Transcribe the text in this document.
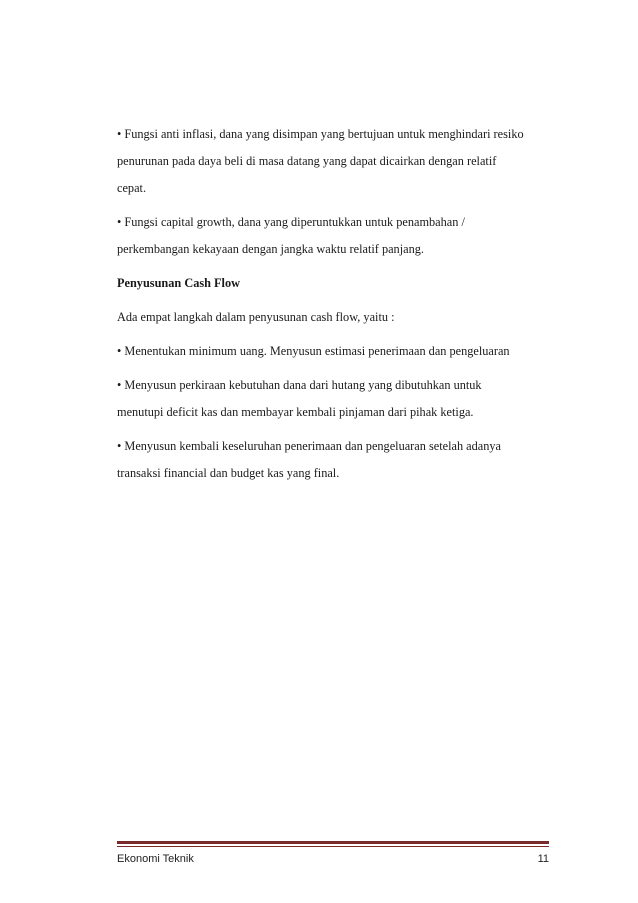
• Fungsi anti inflasi, dana yang disimpan yang bertujuan untuk menghindari resiko
penurunan pada daya beli di masa datang yang dapat dicairkan dengan relatif
cepat.

• Fungsi capital growth, dana yang diperuntukkan untuk penambahan /
perkembangan kekayaan dengan jangka waktu relatif panjang.

Penyusunan Cash Flow

Ada empat langkah dalam penyusunan cash flow, yaitu :

• Menentukan minimum uang. Menyusun estimasi penerimaan dan pengeluaran

• Menyusun perkiraan kebutuhan dana dari hutang yang dibutuhkan untuk
menutupi deficit kas dan membayar kembali pinjaman dari pihak ketiga.

• Menyusun kembali keseluruhan penerimaan dan pengeluaran setelah adanya
transaksi financial dan budget kas yang final.

Ekonomi Teknik	11
